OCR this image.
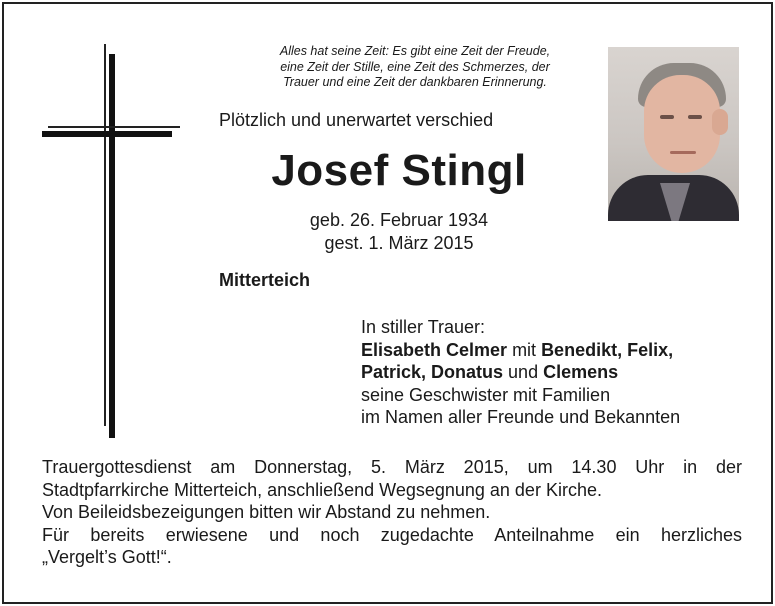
Alles hat seine Zeit: Es gibt eine Zeit der Freude,
eine Zeit der Stille, eine Zeit des Schmerzes, der
Trauer und eine Zeit der dankbaren Erinnerung.
Plötzlich und unerwartet verschied
Josef Stingl
geb. 26. Februar 1934
gest. 1. März 2015
Mitterteich
In stiller Trauer:
Elisabeth Celmer mit Benedikt, Felix,
Patrick, Donatus und Clemens
seine Geschwister mit Familien
im Namen aller Freunde und Bekannten
Trauergottesdienst am Donnerstag, 5. März 2015, um 14.30 Uhr in der
Stadtpfarrkirche Mitterteich, anschließend Wegsegnung an der Kirche.
Von Beileidsbezeigungen bitten wir Abstand zu nehmen.
Für bereits erwiesene und noch zugedachte Anteilnahme ein herzliches
„Vergelt’s Gott!“.
